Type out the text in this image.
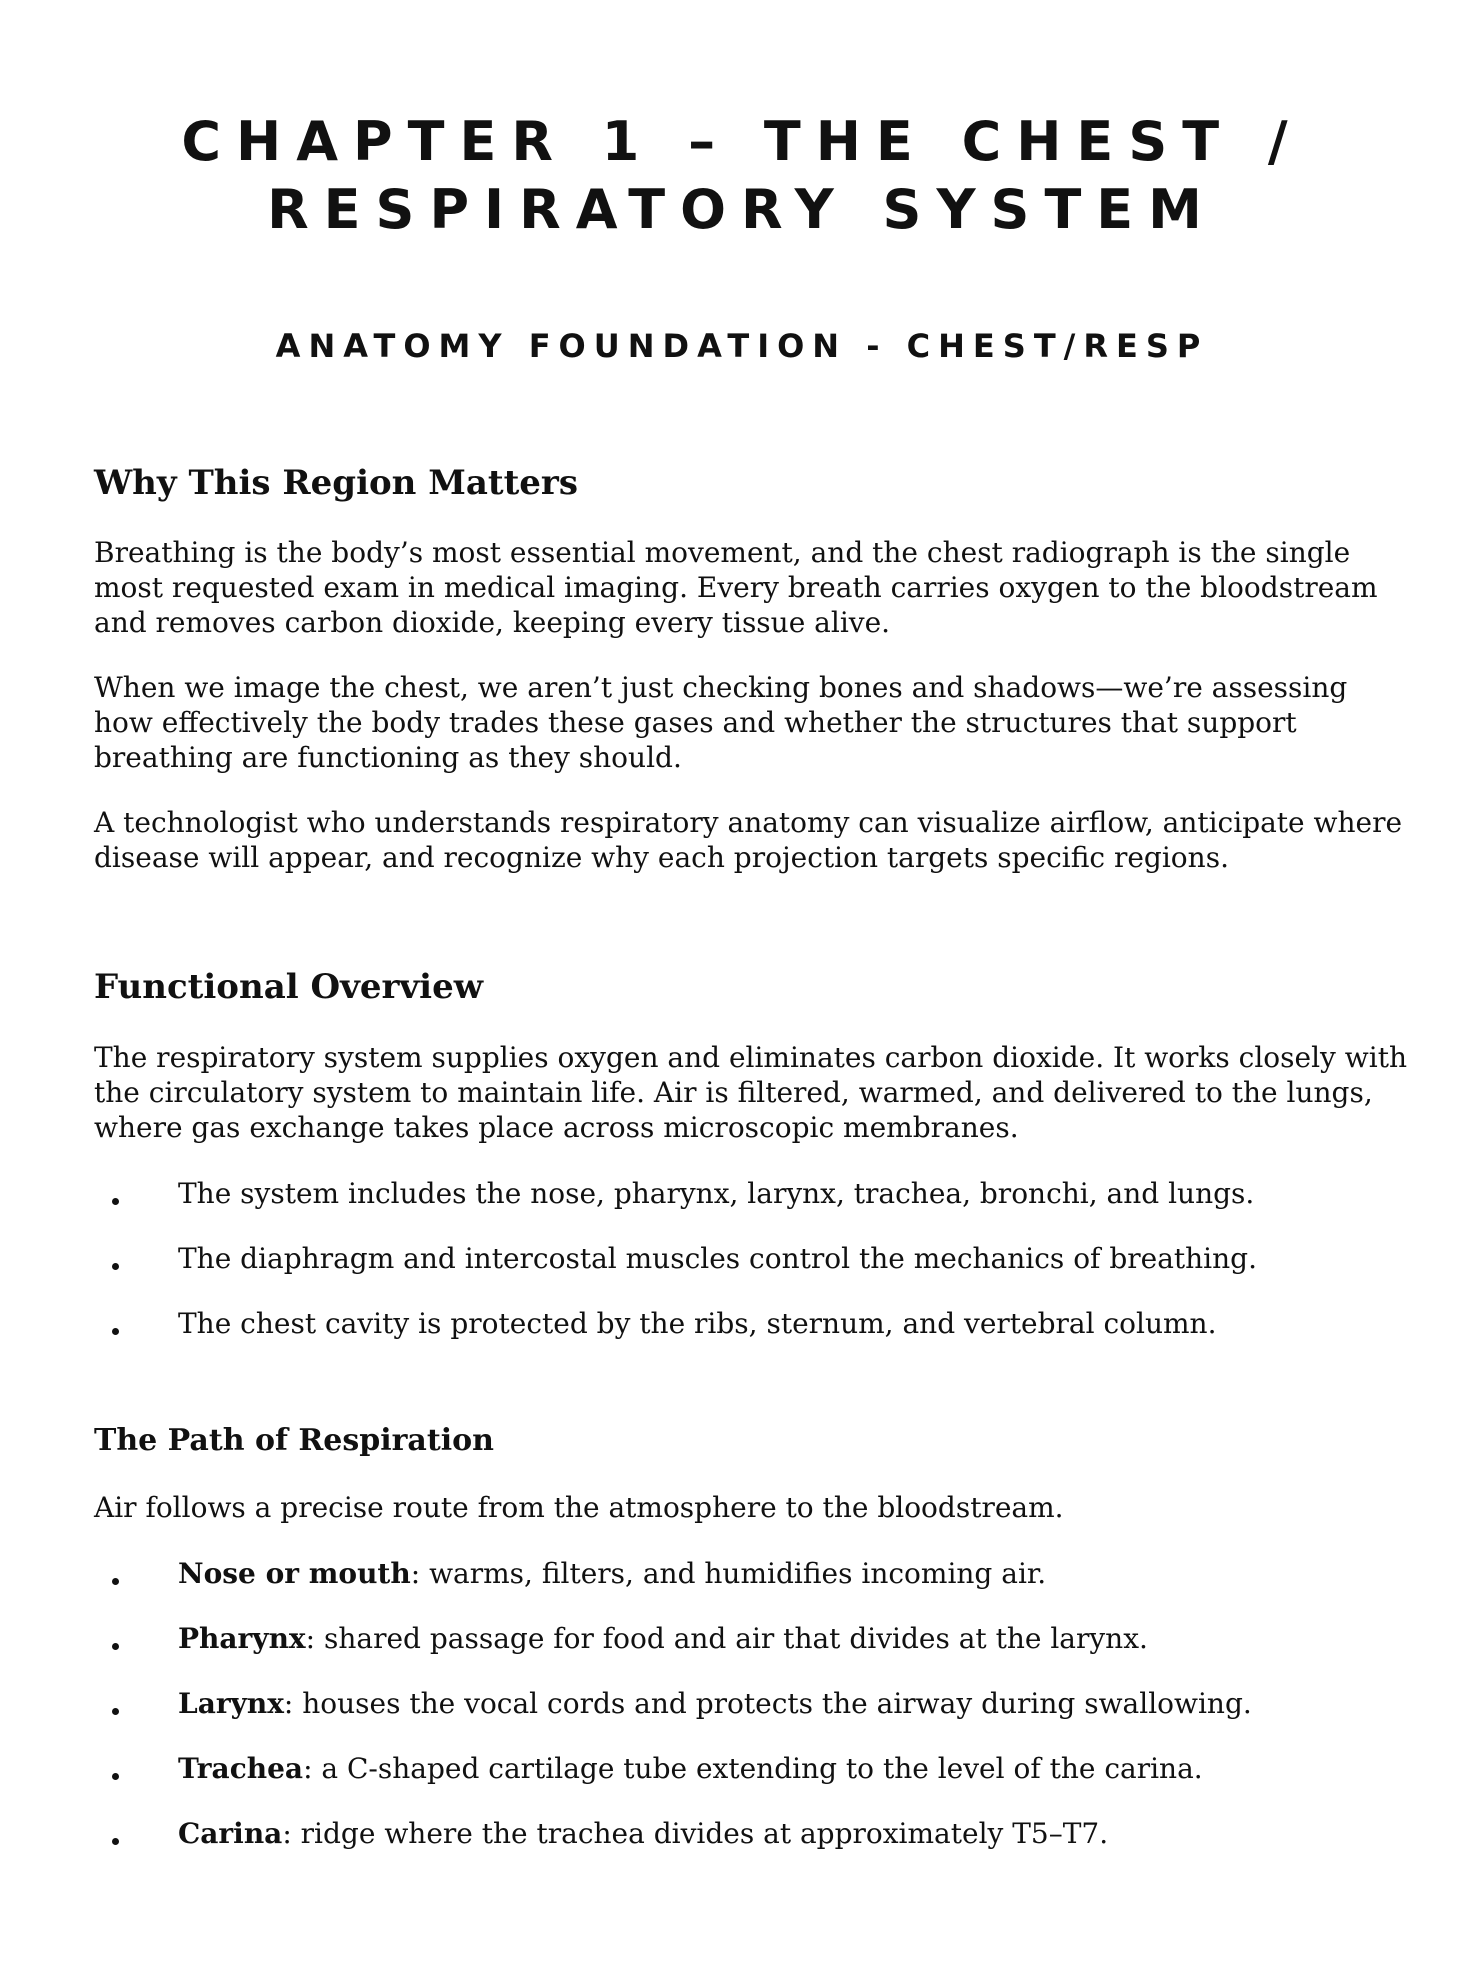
CHAPTER 1 – THE CHEST /
RESPIRATORY SYSTEM
ANATOMY FOUNDATION - CHEST/RESP
Why This Region Matters

Breathing is the body’s most essential movement, and the chest radiograph is the single most requested exam in medical imaging. Every breath carries oxygen to the bloodstream and removes carbon dioxide, keeping every tissue alive.

When we image the chest, we aren’t just checking bones and shadows—we’re assessing how effectively the body trades these gases and whether the structures that support breathing are functioning as they should.

A technologist who understands respiratory anatomy can visualize airflow, anticipate where disease will appear, and recognize why each projection targets specific regions.

Functional Overview

The respiratory system supplies oxygen and eliminates carbon dioxide. It works closely with the circulatory system to maintain life. Air is filtered, warmed, and delivered to the lungs, where gas exchange takes place across microscopic membranes.

The system includes the nose, pharynx, larynx, trachea, bronchi, and lungs.
The diaphragm and intercostal muscles control the mechanics of breathing.
The chest cavity is protected by the ribs, sternum, and vertebral column.
The Path of Respiration

Air follows a precise route from the atmosphere to the bloodstream.

Nose or mouth: warms, filters, and humidifies incoming air.
Pharynx: shared passage for food and air that divides at the larynx.
Larynx: houses the vocal cords and protects the airway during swallowing.
Trachea: a C-shaped cartilage tube extending to the level of the carina.
Carina: ridge where the trachea divides at approximately T5–T7.
